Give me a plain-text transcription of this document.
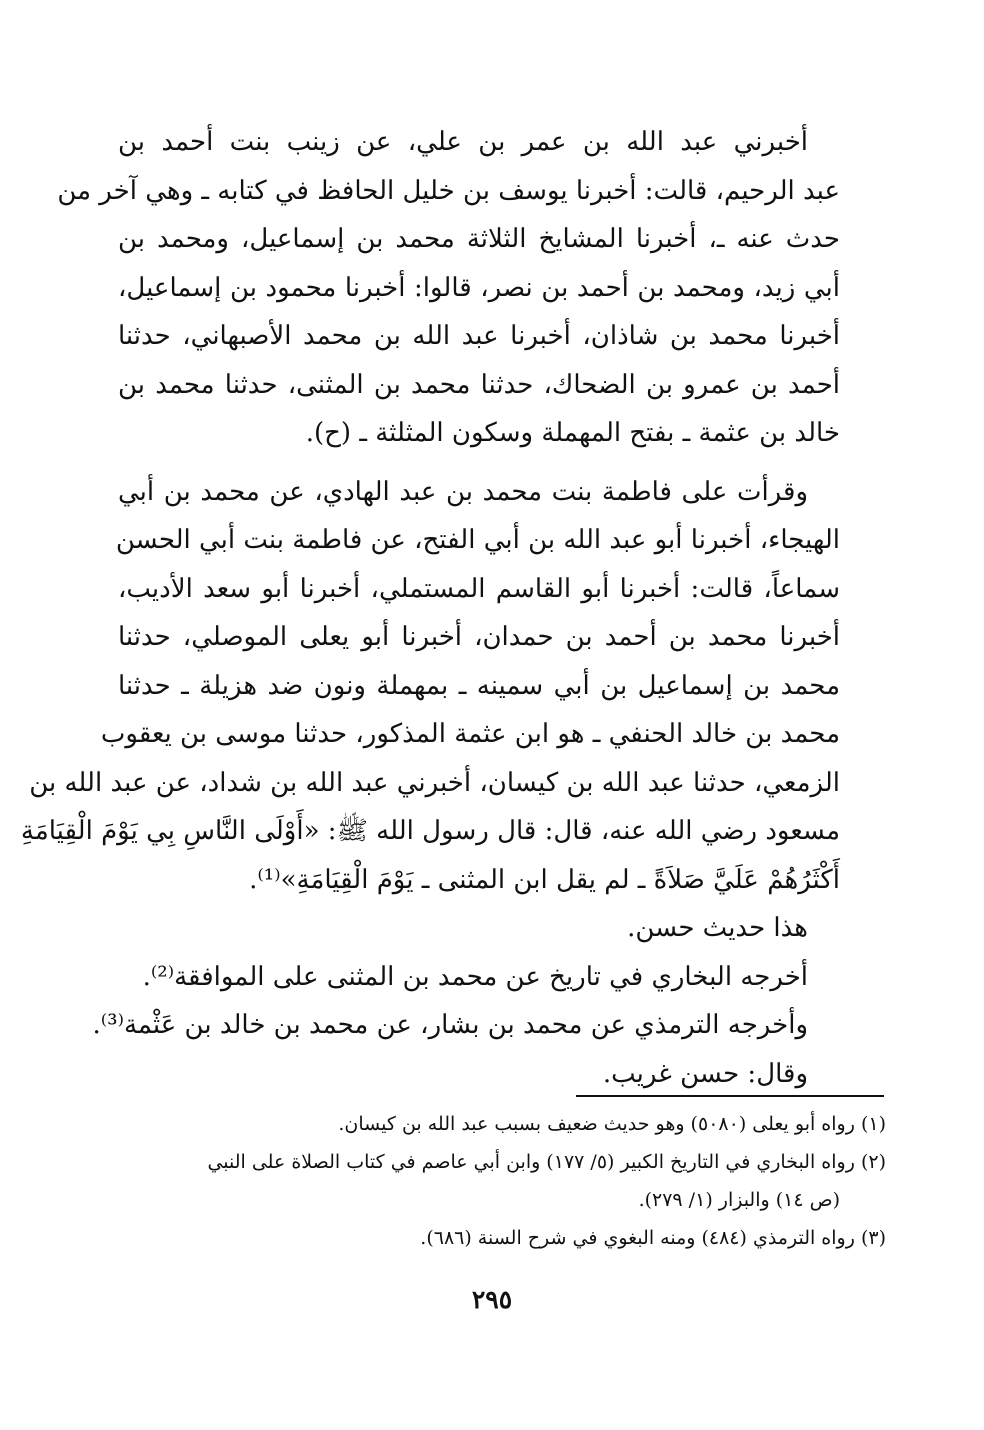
أخبرني عبد الله بن عمر بن علي، عن زينب بنت أحمد بن
عبد الرحيم، قالت: أخبرنا يوسف بن خليل الحافظ في كتابه ـ وهي آخر من
حدث عنه ـ، أخبرنا المشايخ الثلاثة محمد بن إسماعيل، ومحمد بن
أبي زيد، ومحمد بن أحمد بن نصر، قالوا: أخبرنا محمود بن إسماعيل،
أخبرنا محمد بن شاذان، أخبرنا عبد الله بن محمد الأصبهاني، حدثنا
أحمد بن عمرو بن الضحاك، حدثنا محمد بن المثنى، حدثنا محمد بن
خالد بن عثمة ـ بفتح المهملة وسكون المثلثة ـ (ح).

وقرأت على فاطمة بنت محمد بن عبد الهادي، عن محمد بن أبي
الهيجاء، أخبرنا أبو عبد الله بن أبي الفتح، عن فاطمة بنت أبي الحسن
سماعاً، قالت: أخبرنا أبو القاسم المستملي، أخبرنا أبو سعد الأديب،
أخبرنا محمد بن أحمد بن حمدان، أخبرنا أبو يعلى الموصلي، حدثنا
محمد بن إسماعيل بن أبي سمينه ـ بمهملة ونون ضد هزيلة ـ حدثنا
محمد بن خالد الحنفي ـ هو ابن عثمة المذكور، حدثنا موسى بن يعقوب
الزمعي، حدثنا عبد الله بن كيسان، أخبرني عبد الله بن شداد، عن عبد الله بن
مسعود رضي الله عنه، قال: قال رسول الله ﷺ: «أَوْلَى النَّاسِ بِي يَوْمَ الْقِيَامَةِ
أَكْثَرُهُمْ عَلَيَّ صَلاَةً ـ لم يقل ابن المثنى ـ يَوْمَ الْقِيَامَةِ»⁽¹⁾.

هذا حديث حسن.

أخرجه البخاري في تاريخ عن محمد بن المثنى على الموافقة⁽²⁾.

وأخرجه الترمذي عن محمد بن بشار، عن محمد بن خالد بن عَثْمة⁽³⁾.

وقال: حسن غريب.

(١) رواه أبو يعلى (٥٠٨٠) وهو حديث ضعيف بسبب عبد الله بن كيسان.
(٢) رواه البخاري في التاريخ الكبير (٥/ ١٧٧) وابن أبي عاصم في كتاب الصلاة على النبي
(ص ١٤) والبزار (١/ ٢٧٩).
(٣) رواه الترمذي (٤٨٤) ومنه البغوي في شرح السنة (٦٨٦).
٢٩٥
